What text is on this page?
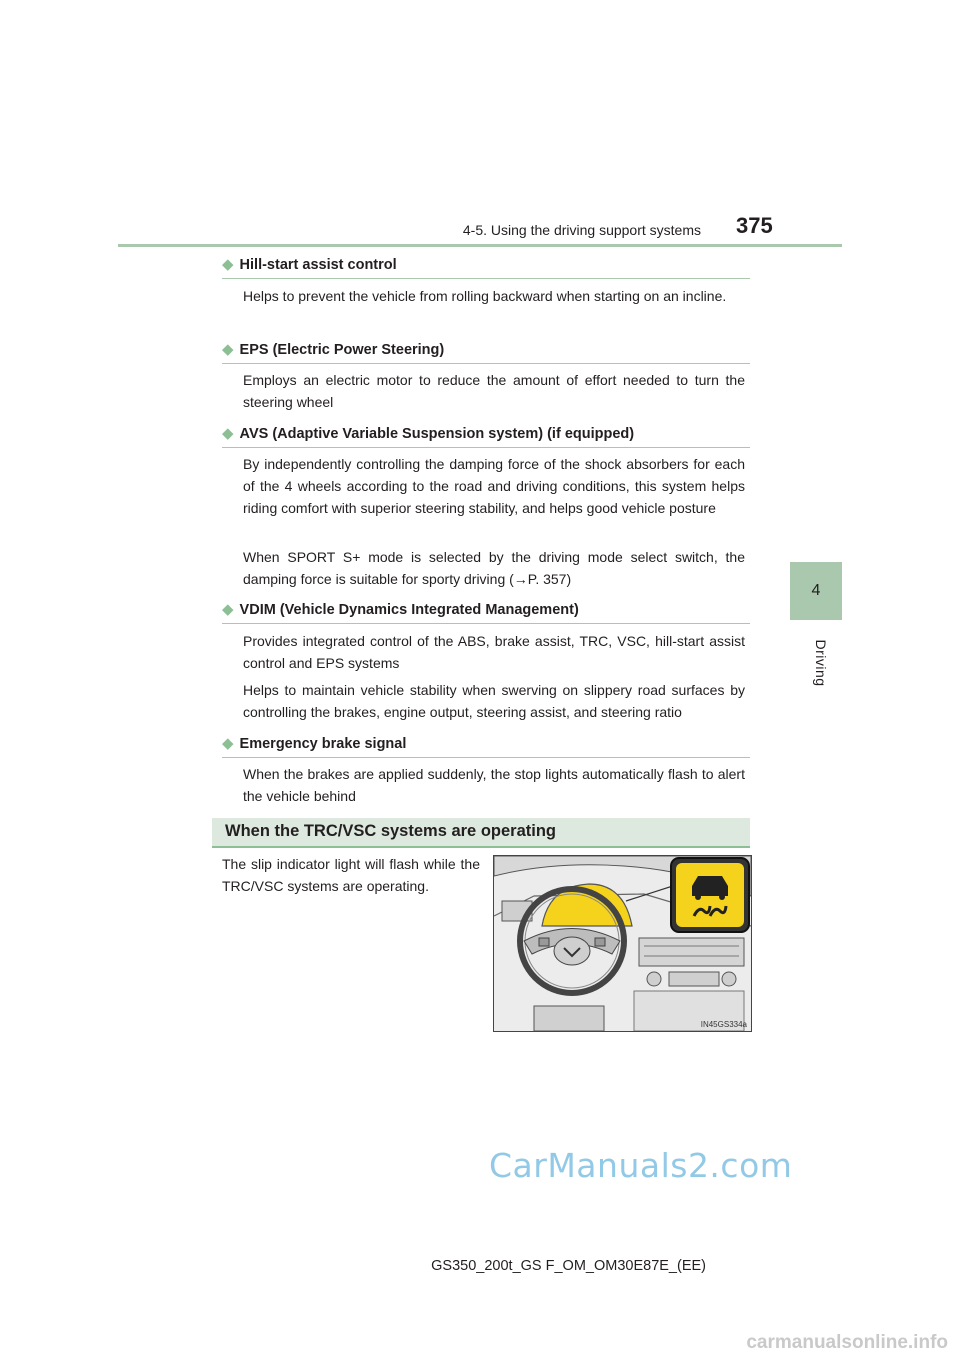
4-5. Using the driving support systems 375
4
Driving
◆ Hill-start assist control
Helps to prevent the vehicle from rolling backward when starting on an incline.
◆ EPS (Electric Power Steering)
Employs an electric motor to reduce the amount of effort needed to turn the steering wheel
◆ AVS (Adaptive Variable Suspension system) (if equipped)
By independently controlling the damping force of the shock absorbers for each of the 4 wheels according to the road and driving conditions, this system helps riding comfort with superior steering stability, and helps good vehicle posture
When SPORT S+ mode is selected by the driving mode select switch, the damping force is suitable for sporty driving (→P. 357)
◆ VDIM (Vehicle Dynamics Integrated Management)
Provides integrated control of the ABS, brake assist, TRC, VSC, hill-start assist control and EPS systems
Helps to maintain vehicle stability when swerving on slippery road surfaces by controlling the brakes, engine output, steering assist, and steering ratio
◆ Emergency brake signal
When the brakes are applied suddenly, the stop lights automatically flash to alert the vehicle behind
When the TRC/VSC systems are operating
The slip indicator light will flash while the TRC/VSC systems are operating.
IN45GS334a
CarManuals2.com
GS350_200t_GS F_OM_OM30E87E_(EE)
carmanualsonline.info
